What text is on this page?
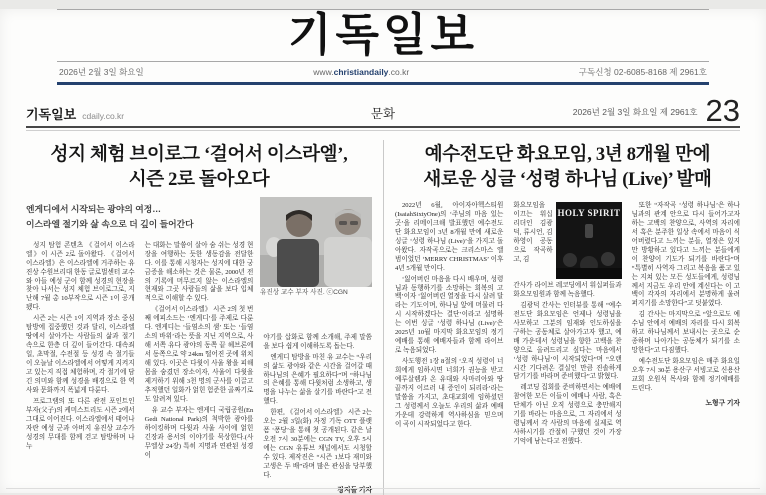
기독일보
2026년 2월 3일 화요일	www.christiandaily.co.kr	구독신청 02-6085-8168 제 2961호
기독일보 cdaily.co.kr	문화	2026년 2월 3일 화요일 제 2961호 23
성지 체험 브이로그 ‘걸어서 이스라엘’,
시즌 2로 돌아오다
엔게디에서 시작되는 광야의 여정…
이스라엘 절기와 삶 속으로 더 깊이 들어간다
유진상 교수 부자 사진. ⓒCGN

성지 탐험 콘텐츠 《걸어서 이스라엘》이 시즌 2로 돌아왔다. 《걸어서 이스라엘》은 이스라엘에 거주하는 유진상 수원브리대 한동 글로벌센터 교수와 아들 예성 군이 함께 성경의 현장을 찾아 나서는 성지 체험 브이로그로, 지난해 7월 총 10부작으로 시즌 1이 공개됐다.

시즌 2는 시즌 1이 지역과 장소 중심 탐방에 집중했던 것과 달리, 이스라엘 땅에서 살아가는 사람들의 삶과 절기 속으로 한층 더 깊이 들어간다. 대속죄일, 초막절, 수전절 등 성경 속 절기들이 오늘날 이스라엘에서 어떻게 지켜지고 있는지 직접 체험하며, 각 절기에 담긴 의미와 함께 성경을 배경으로 한 역사와 문화까지 폭넓게 다룬다.

프로그램의 또 다른 관전 포인트인 부자(父子)의 케미스트리도 시즌 2에서 그대로 이어진다. 이스라엘에서 태어나 자란 예성 군과 아버지 유진상 교수가 성경의 무대를 함께 걷고 탐방하며 나누

는 대화는 말씀이 살아 숨 쉬는 성경 현장을 여행하는 듯한 생동감을 전달한다. 이를 통해 시청자는 성지에 대한 궁금증을 해소하는 것은 물론, 2000년 전의 기록에 머무르지 않는 이스라엘의 현재와 그곳 사람들의 삶을 보다 입체적으로 이해할 수 있다.

《걸어서 이스라엘》 시즌 2의 첫 번째 에피소드는 ‘엔게디’를 주제로 다룬다. 엔게디는 ‘들염소의 샘’ 또는 ‘들염소의 바위’라는 뜻을 지닌 지역으로, 사해 서쪽 유다 광야의 동쪽 끝 헤브론에서 동쪽으로 약 24km 떨어진 곳에 위치해 있다. 이곳은 다윗이 사울 왕을 피해 몸을 숨겼던 장소이자, 사울이 다윗을 제거하기 위해 3천 명의 군사를 이끌고 추적했던 일화가 얽힌 험준한 골짜기로도 알려져 있다.

유 교수 부자는 엔게디 국립공원(En Gedi National Park)의 척박한 광야를 하이킹하며 다윗과 사울 사이에 얽힌 긴장과 용서의 이야기를 묵상한다.(사무엘상 24장) 특히 지명과 연관된 성경 이

야기를 삽화로 함께 소개해, 주제 말씀을 보다 쉽게 이해하도록 돕는다.

엔게디 탐방을 마친 유 교수는 “우리의 삶도 광야와 같은 시간을 걸어갈 때 하나님의 은혜가 필요하다”며 “하나님의 은혜를 통해 다윗처럼 소생하고, 생명을 나누는 삶을 살기를 바란다”고 전했다.

한편, 《걸어서 이스라엘》 시즌 2는 오는 2월 3일(화) 자정 기독 OTT 플랫폼 ‘퐁당’을 통해 첫 공개된다. 같은 날 오전 7시 30분에는 CGN TV, 오후 5시에는 CGN 유튜브 채널에서도 시청할 수 있다. 제작진은 “시즌 1보다 재미와 고생은 두 배”라며 많은 관심을 당부했다.

장지돌 기자
예수전도단 화요모임, 3년 8개월 만에
새로운 싱글 ‘성령 하나님 (Live)’ 발매

2022년 6월, 아이자아헥스티원(IsaiahSixtyOne)의 ‘주님의 마음 있는 곳’을 리메이크해 발표했던 예수전도단 화요모임이 3년 8개월 만에 새로운 싱글 ‘성령 하나님 (Live)’을 가지고 돌아왔다. 자작곡으로는 크리스마스 앨범이었던 ‘MERRY CHRISTMAS’ 이후 4년 5개월 만이다.

‘잃어버린 마음을 다시 배우며, 성령님과 동행하기를 소망하는 회복의 고백’이자 ‘잃어버린 열정을 다시 살려 달라는 기도이며, 하나님 앞에 머물러 다시 시작하겠다는 결단’이라고 설명하는 이번 싱글 ‘성령 하나님 (Live)’은 2025년 10월 마지막 화요모임의 정기예배를 통해 예배자들과 함께 라이브로 녹음되었다.

사도행전 1장 8절의 ‘오직 성령이 너희에게 임하시면 너희가 권능을 받고 예루살렘과 온 유대와 사마리아와 땅 끝까지 이르러 내 증인이 되리라’라는 말씀을 가지고, 초대교회에 임하셨던 그 성령께서 오늘도 우리의 삶과 예배 가운데 강력하게 역사하심을 믿으며 이 곡이 시작되었다고 한다.

화요모임을 이끄는 워십리더인 김광덕, 류시언, 김하영이 공동으로 작곡하고, 김
HOLY SPIRIT

간사가 라이브 레코딩에서 워십퍼들과 화요모임원과 함께 녹음했다.

김광덕 간사는 인터뷰를 통해 “예수전도단 화요모임은 언제나 성령님을 사모하고 그분의 임재와 인도하심을 구하는 공동체로 살아가고자 했고, 예배 가운데서 성령님을 향한 고백을 찬양으로 올려드리고 싶다는 마음에서 ‘성령 하나님’이 시작되었다”며 “오랜 시간 기다려온 결실인 만큼 진솔하게 담기기를 바라며 준비했다”고 밝혔다.

레코딩 집회를 준비하면서는 예배에 참여한 모든 이들이 예배나 사람, 혹은 단체가 아닌 오직 성령으로 충만해지기를 바라는 마음으로, 그 자리에서 성령님께서 각 사람의 마음에 실제로 역사하시기를 간절히 구했던 것이 가장 기억에 남는다고 전했다.

또한 “자작곡 ‘성령 하나님’은 하나님과의 관계 안으로 다시 들어가고자 하는 고백의 찬양으로, 사역의 자리에서 혹은 분주한 일상 속에서 마음이 식어버렸다고 느끼는 분들, 열정은 있지만 방황하고 있다고 느끼는 분들에게 이 찬양이 기도가 되기를 바란다”며 “특별히 사역자 그리고 복음을 품고 있는 지쳐 있는 모든 성도들에게, 성령님께서 지금도 우리 안에 계신다는 이 고백이 각자의 자리에서 분명하게 울려 퍼지기를 소망한다”고 덧붙였다.

김 간사는 마지막으로 “앞으로도 예수님 안에서 예배의 자리를 다시 회복하고 하나님께서 보내시는 곳으로 순종하며 나아가는 공동체가 되기를 소망한다”고 다짐했다.

예수전도단 화요모임은 매주 화요일 오후 7시 30분 용산구 서빙고로 신용산교회 오원석 목사와 함께 정기예배를 드린다.

노형구 기자
